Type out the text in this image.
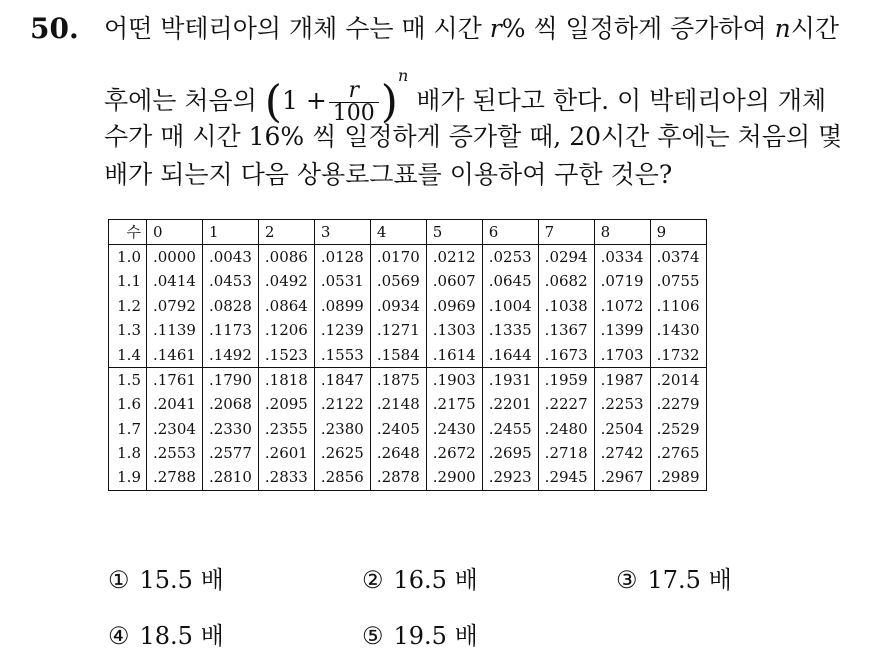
50. 어떤 박테리아의 개체 수는 매 시간 r% 씩 일정하게 증가하여 n시간
후에는 처음의 $(1 + \frac{r}{100} )^n$ 배가 된다고 한다. 이 박테리아의 개체
수가 매 시간 16% 씩 일정하게 증가할 때, 20시간 후에는 처음의 몇
배가 되는지 다음 상용로그표를 이용하여 구한 것은?
수	0	1	2	3	4	5	6	7	8	9
1.0	.0000	.0043	.0086	.0128	.0170	.0212	.0253	.0294	.0334	.0374
1.1	.0414	.0453	.0492	.0531	.0569	.0607	.0645	.0682	.0719	.0755
1.2	.0792	.0828	.0864	.0899	.0934	.0969	.1004	.1038	.1072	.1106
1.3	.1139	.1173	.1206	.1239	.1271	.1303	.1335	.1367	.1399	.1430
1.4	.1461	.1492	.1523	.1553	.1584	.1614	.1644	.1673	.1703	.1732
1.5	.1761	.1790	.1818	.1847	.1875	.1903	.1931	.1959	.1987	.2014
1.6	.2041	.2068	.2095	.2122	.2148	.2175	.2201	.2227	.2253	.2279
1.7	.2304	.2330	.2355	.2380	.2405	.2430	.2455	.2480	.2504	.2529
1.8	.2553	.2577	.2601	.2625	.2648	.2672	.2695	.2718	.2742	.2765
1.9	.2788	.2810	.2833	.2856	.2878	.2900	.2923	.2945	.2967	.2989
① 15.5 배	② 16.5 배	③ 17.5 배
④ 18.5 배	⑤ 19.5 배
